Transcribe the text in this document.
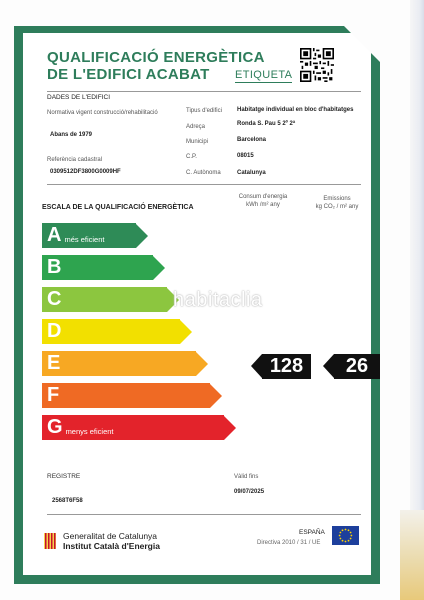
QUALIFICACIÓ ENERGÈTICA
DE L'EDIFICI ACABAT ETIQUETA
DADES DE L'EDIFICI
Normativa vigent construcció/rehabilitació
Abans de 1979
Referència cadastral
0309512DF3800G0009HF
Tipus d'edifici	Habitatge individual en bloc d'habitatges
Adreça	Ronda S. Pau 5 2º 2ª
Municipi	Barcelona
C.P.	08015
C. Autònoma	Catalunya
ESCALA DE LA QUALIFICACIÓ ENERGÈTICA
Consum d'energia
kWh /m² any
Emissions
kg CO₂ / m² any
A més eficient
B
C
D
E
F
G menys eficient
habitaclia
128 26
REGISTRE
2568T6F58
Vàlid fins
09/07/2025
Generalitat de Catalunya
Institut Català d'Energia
ESPAÑA
Directiva 2010 / 31 / UE
